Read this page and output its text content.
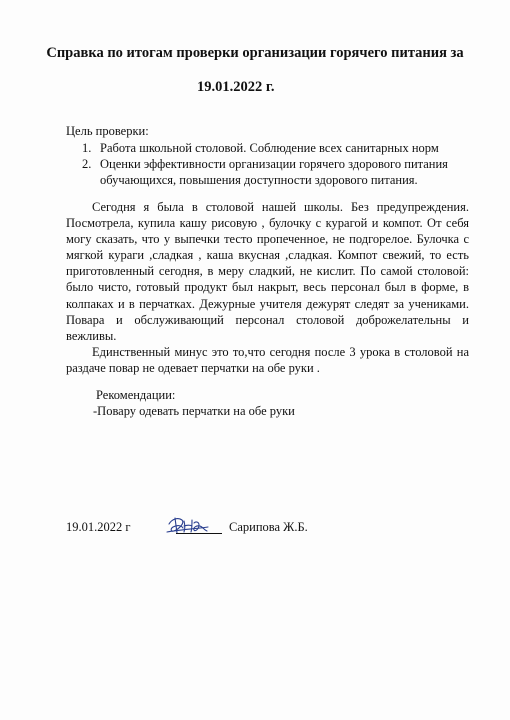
Справка по итогам проверки организации горячего питания за
19.01.2022 г.
Цель проверки:
1. Работа школьной столовой. Соблюдение всех санитарных норм
2. Оценки эффективности организации горячего здорового питания обучающихся, повышения доступности здорового питания.

Сегодня я была в столовой нашей школы. Без предупреждения. Посмотрела, купила кашу рисовую , булочку с курагой и компот. От себя могу сказать, что у выпечки тесто пропеченное, не подгорелое. Булочка с мягкой кураги ,сладкая , каша вкусная ,сладкая. Компот свежий, то есть приготовленный сегодня, в меру сладкий, не кислит. По самой столовой: было чисто, готовый продукт был накрыт, весь персонал был в форме, в колпаках и в перчатках. Дежурные учителя дежурят следят за учениками. Повара и обслуживающий персонал столовой доброжелательны и вежливы.

Единственный минус это то,что сегодня после 3 урока в столовой на раздаче повар не одевает перчатки на обе руки .

Рекомендации:
-Повару одевать перчатки на обе руки
19.01.2022 г	Сарипова Ж.Б.
